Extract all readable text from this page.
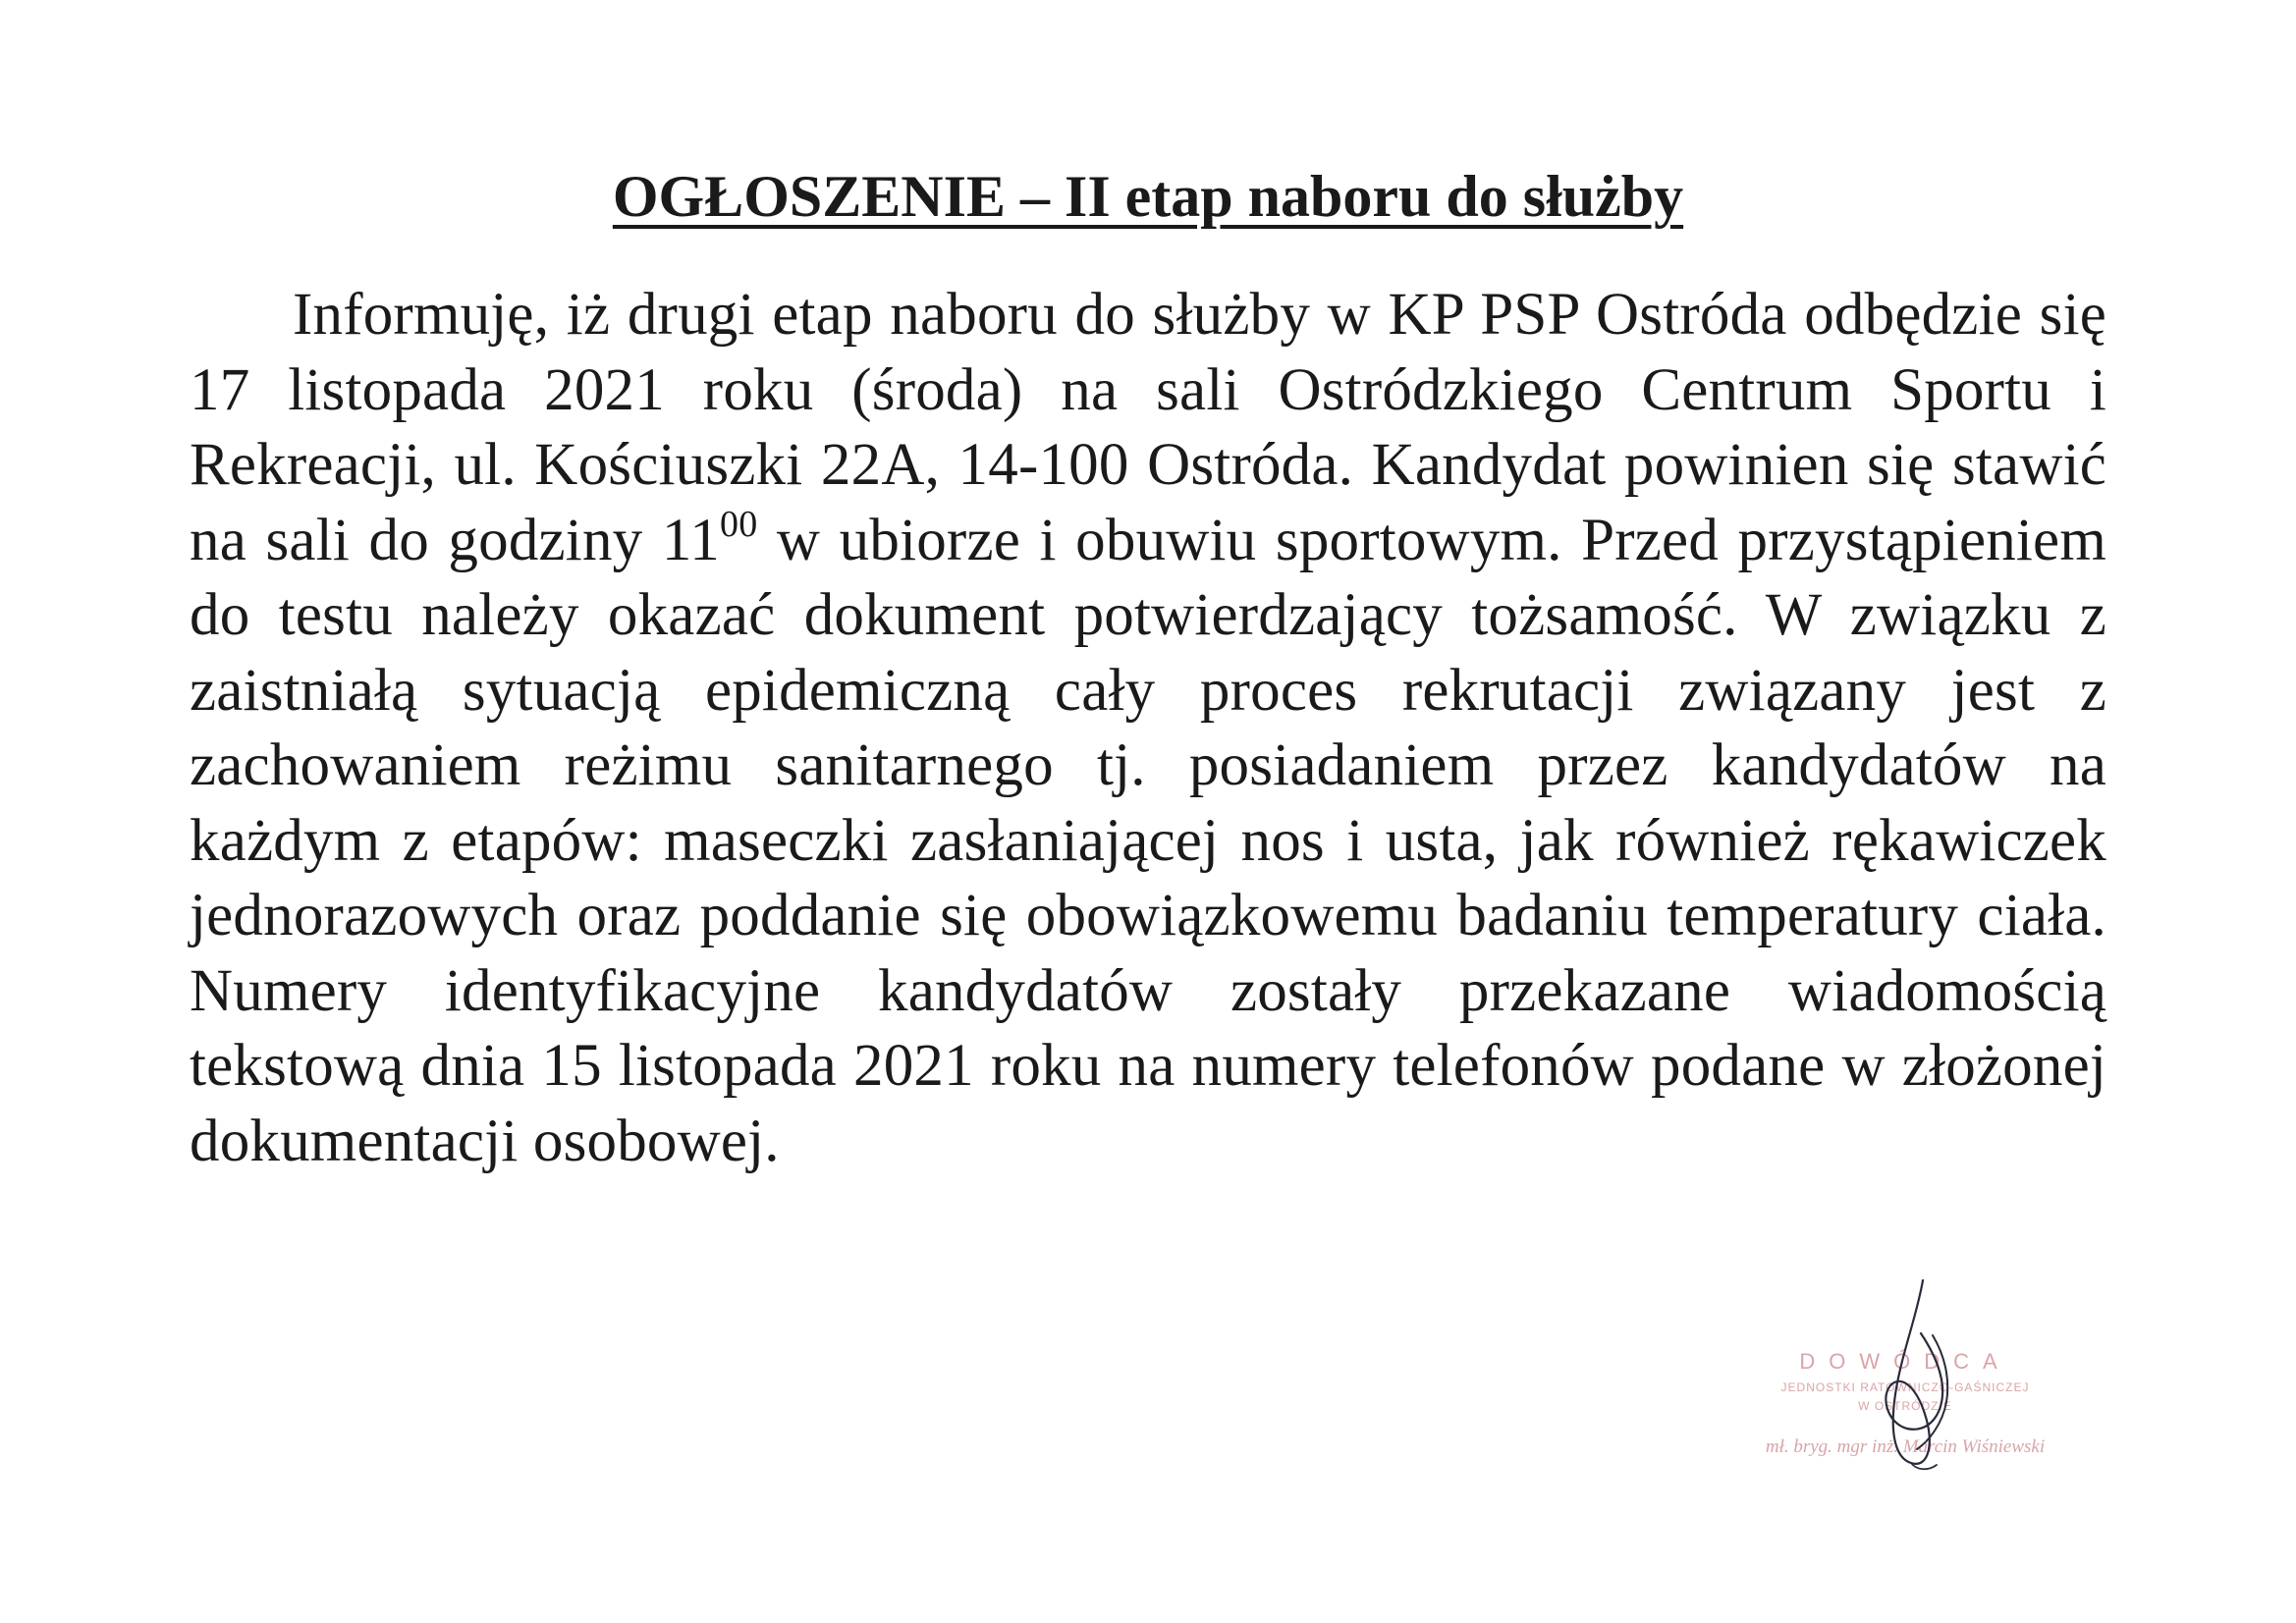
OGŁOSZENIE – II etap naboru do służby

Informuję, iż drugi etap naboru do służby w KP PSP Ostróda odbędzie się 17 listopada 2021 roku (środa) na sali Ostródzkiego Centrum Sportu i Rekreacji, ul. Kościuszki 22A, 14-100 Ostróda. Kandydat powinien się stawić na sali do godziny $11^{00}$ w ubiorze i obuwiu sportowym. Przed przystąpieniem do testu należy okazać dokument potwierdzający tożsamość. W związku z zaistniałą sytuacją epidemiczną cały proces rekrutacji związany jest z zachowaniem reżimu sanitarnego tj. posiadaniem przez kandydatów na każdym z etapów: maseczki zasłaniającej nos i usta, jak również rękawiczek jednorazowych oraz poddanie się obowiązkowemu badaniu temperatury ciała. Numery identyfikacyjne kandydatów zostały przekazane wiadomością tekstową dnia 15 listopada 2021 roku na numery telefonów podane w złożonej dokumentacji osobowej.

DOWÓDCA
JEDNOSTKI RATOWNICZO-GAŚNICZEJ
W OSTRÓDZIE
mł. bryg. mgr inż. Marcin Wiśniewski
